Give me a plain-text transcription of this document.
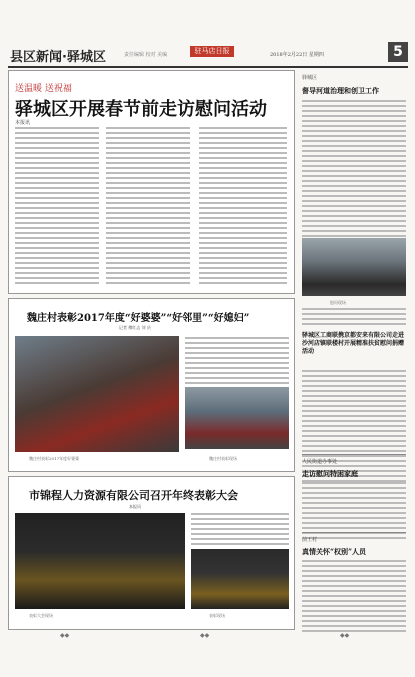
县区新闻·驿城区	责任编辑 校对 美编	驻马店日报	2018年2月22日 星期四	5
送温暖 送祝福
驿城区开展春节前走访慰问活动
本报讯
魏庄村表彰2017年度“好婆婆”“好邻里”“好媳妇”
记者 傅红志 刘 庆
魏庄村表彰2017年度好婆婆	魏庄村表彰现场
市锦程人力资源有限公司召开年终表彰大会
本报讯
表彰大会现场	表彰现场
驿城区
督导河道治理和创卫工作
慰问现场
驿城区工商联携京都安来有限公司走进沙河店镇联楼村开展精准扶贫慰问捐赠活动
人民街道办事处
走访慰问特困家庭
前王村
真情关怀“权别”人员
◆◆	◆◆	◆◆
